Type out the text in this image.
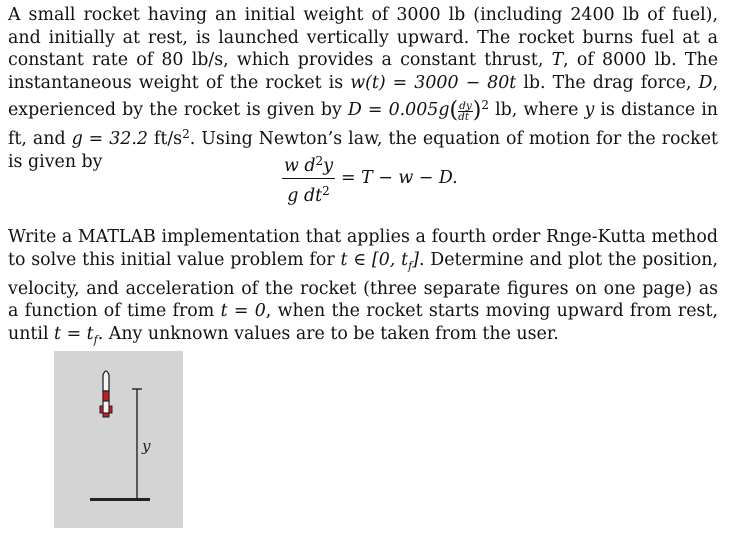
A small rocket having an initial weight of 3000 lb (including 2400 lb of fuel), and initially at rest, is launched vertically upward. The rocket burns fuel at a constant rate of 80 lb/s, which provides a constant thrust, T, of 8000 lb. The instantaneous weight of the rocket is w(t) = 3000 − 80t lb. The drag force, D, experienced by the rocket is given by $D = 0.005g( \frac{dy}{dt} )^2$ lb, where y is distance in ft, and g = 32.2 $ft/s^2$. Using Newton’s law, the equation of motion for the rocket is given by	$\frac{w d^2y}{g dt^2} = T - w - D$.

Write a MATLAB implementation that applies a fourth order Rnge-Kutta method to solve this initial value problem for t ∈ [0, $t_f$]. Determine and plot the position, velocity, and acceleration of the rocket (three separate figures on one page) as a function of time from t = 0, when the rocket starts moving upward from rest, until $t = t_f$. Any unknown values are to be taken from the user.

y
